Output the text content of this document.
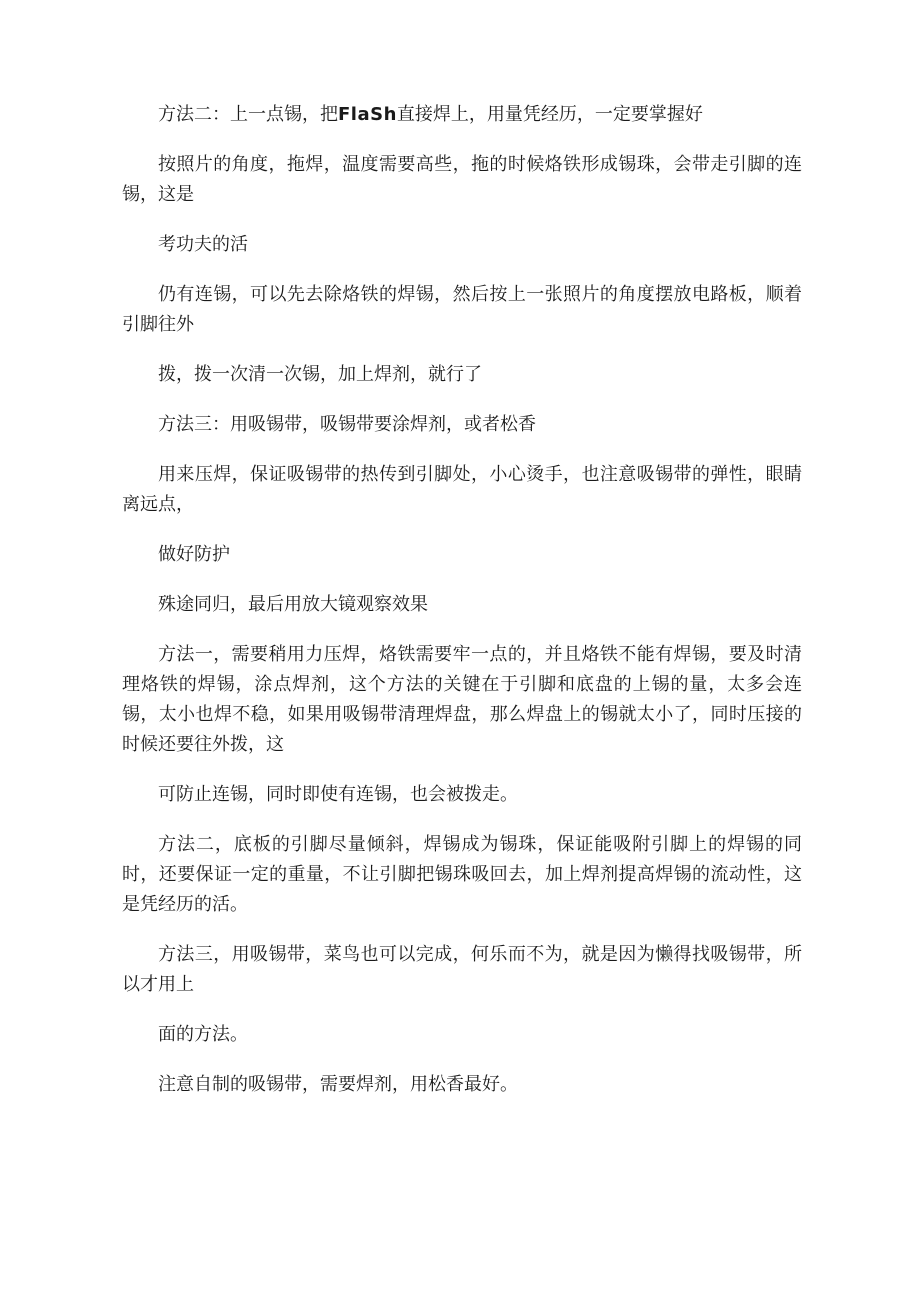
方法二：上一点锡，把FlaSh直接焊上，用量凭经历，一定要掌握好

按照片的角度，拖焊，温度需要高些，拖的时候烙铁形成锡珠，会带走引脚的连锡，这是

考功夫的活

仍有连锡，可以先去除烙铁的焊锡，然后按上一张照片的角度摆放电路板，顺着引脚往外

拨，拨一次清一次锡，加上焊剂，就行了

方法三：用吸锡带，吸锡带要涂焊剂，或者松香

用来压焊，保证吸锡带的热传到引脚处，小心烫手，也注意吸锡带的弹性，眼睛离远点，

做好防护

殊途同归，最后用放大镜观察效果

方法一，需要稍用力压焊，烙铁需要牢一点的，并且烙铁不能有焊锡，要及时清理烙铁的焊锡，涂点焊剂，这个方法的关键在于引脚和底盘的上锡的量，太多会连锡，太小也焊不稳，如果用吸锡带清理焊盘，那么焊盘上的锡就太小了，同时压接的时候还要往外拨，这

可防止连锡，同时即使有连锡，也会被拨走。

方法二，底板的引脚尽量倾斜，焊锡成为锡珠，保证能吸附引脚上的焊锡的同时，还要保证一定的重量，不让引脚把锡珠吸回去，加上焊剂提高焊锡的流动性，这是凭经历的活。

方法三，用吸锡带，菜鸟也可以完成，何乐而不为，就是因为懒得找吸锡带，所以才用上

面的方法。

注意自制的吸锡带，需要焊剂，用松香最好。
